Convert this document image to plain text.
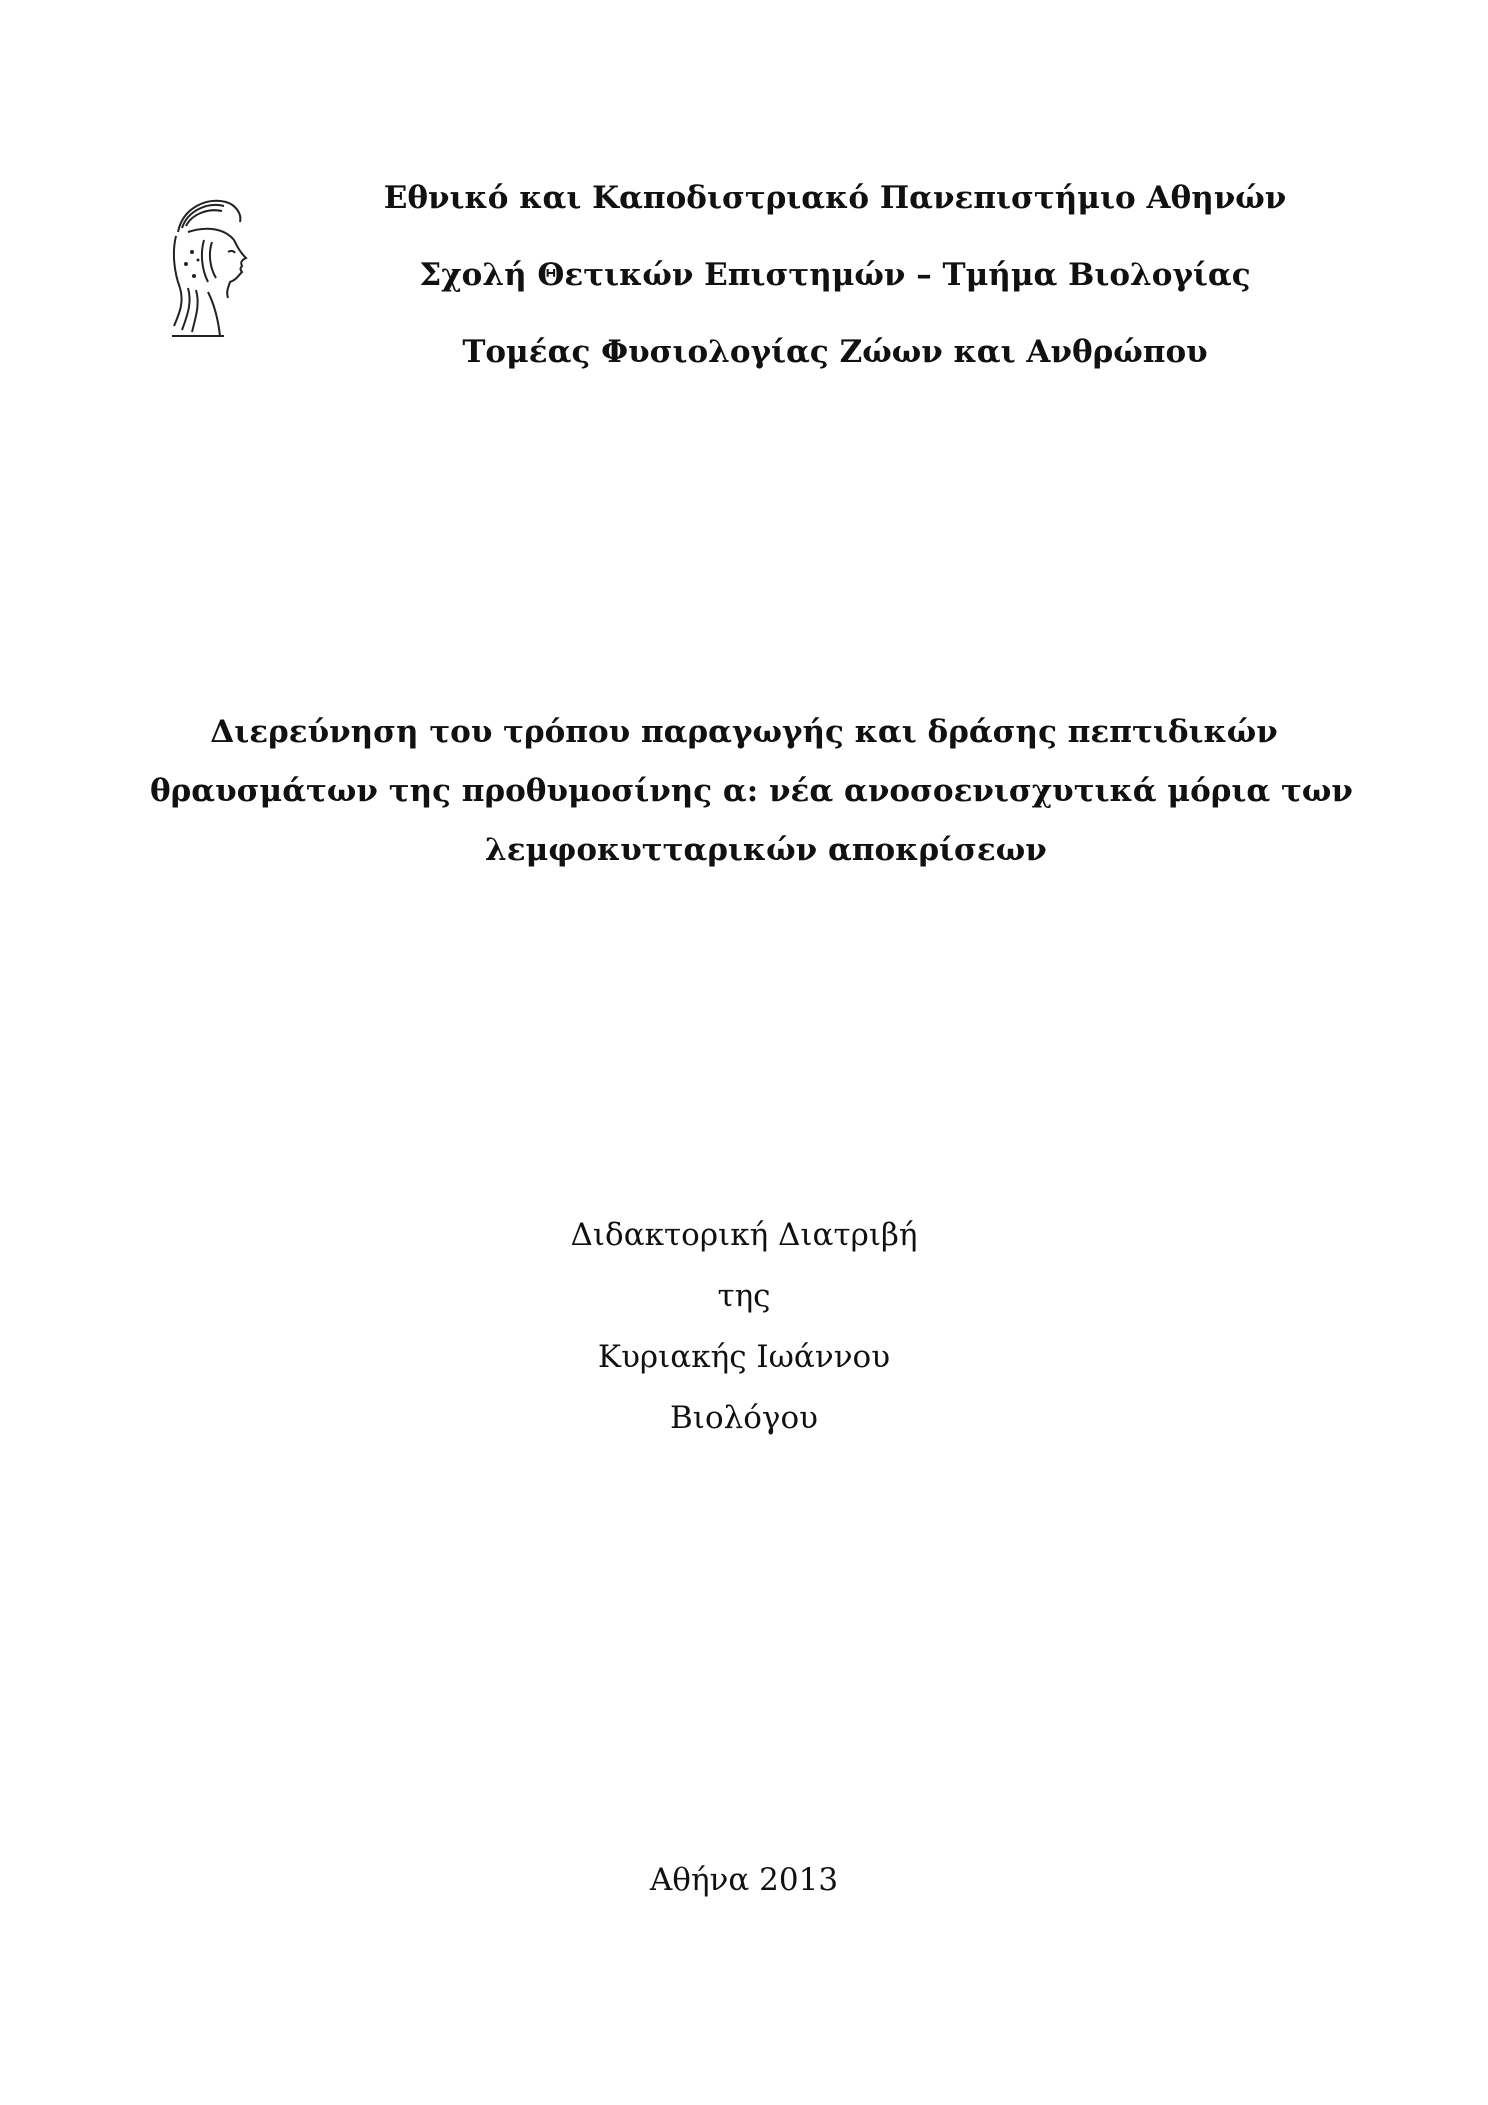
Εθνικό και Καποδιστριακό Πανεπιστήμιο Αθηνών
Σχολή Θετικών Επιστημών – Τμήμα Βιολογίας
Τομέας Φυσιολογίας Ζώων και Ανθρώπου
Διερεύνηση του τρόπου παραγωγής και δράσης πεπτιδικών
θραυσμάτων της προθυμοσίνης α: νέα ανοσοενισχυτικά μόρια των
λεμφοκυτταρικών αποκρίσεων
Διδακτορική Διατριβή
της
Κυριακής Ιωάννου
Βιολόγου
Αθήνα 2013
